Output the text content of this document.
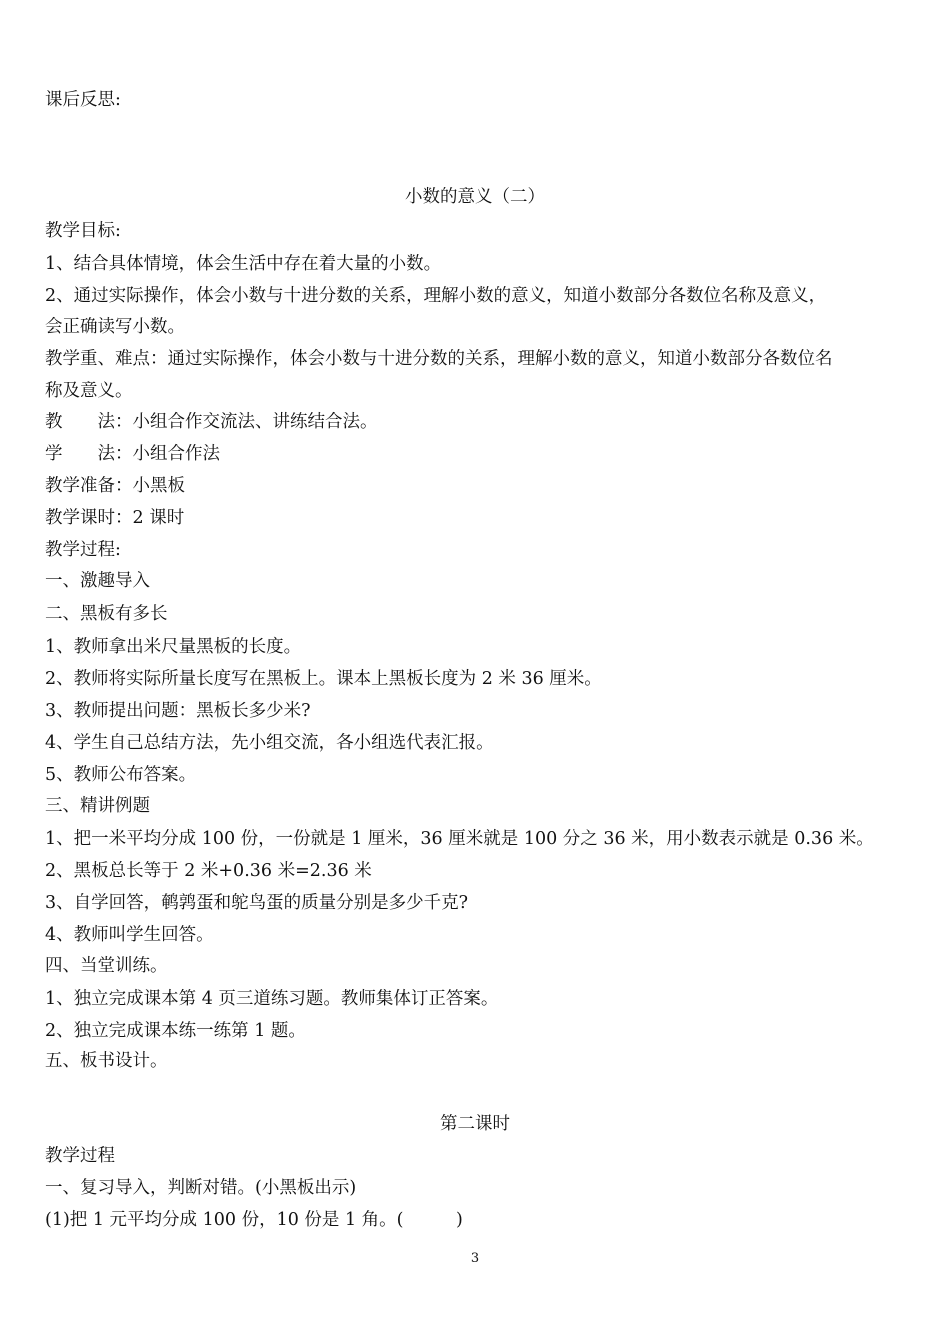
课后反思:
小数的意义（二）
教学目标:
1、结合具体情境，体会生活中存在着大量的小数。
2、通过实际操作，体会小数与十进分数的关系，理解小数的意义，知道小数部分各数位名称及意义，
会正确读写小数。
教学重、难点：通过实际操作，体会小数与十进分数的关系，理解小数的意义，知道小数部分各数位名
称及意义。
教　　法：小组合作交流法、讲练结合法。
学　　法：小组合作法
教学准备：小黑板
教学课时：2 课时
教学过程:
一、激趣导入
二、黑板有多长
1、教师拿出米尺量黑板的长度。
2、教师将实际所量长度写在黑板上。课本上黑板长度为 2 米 36 厘米。
3、教师提出问题：黑板长多少米?
4、学生自己总结方法，先小组交流，各小组选代表汇报。
5、教师公布答案。
三、精讲例题
1、把一米平均分成 100 份，一份就是 1 厘米，36 厘米就是 100 分之 36 米，用小数表示就是 0.36 米。
2、黑板总长等于 2 米+0.36 米=2.36 米
3、自学回答，鹌鹑蛋和鸵鸟蛋的质量分别是多少千克?
4、教师叫学生回答。
四、当堂训练。
1、独立完成课本第 4 页三道练习题。教师集体订正答案。
2、独立完成课本练一练第 1 题。
五、板书设计。
第二课时
教学过程
一、复习导入，判断对错。(小黑板出示)
(1)把 1 元平均分成 100 份，10 份是 1 角。(　　　)
3
